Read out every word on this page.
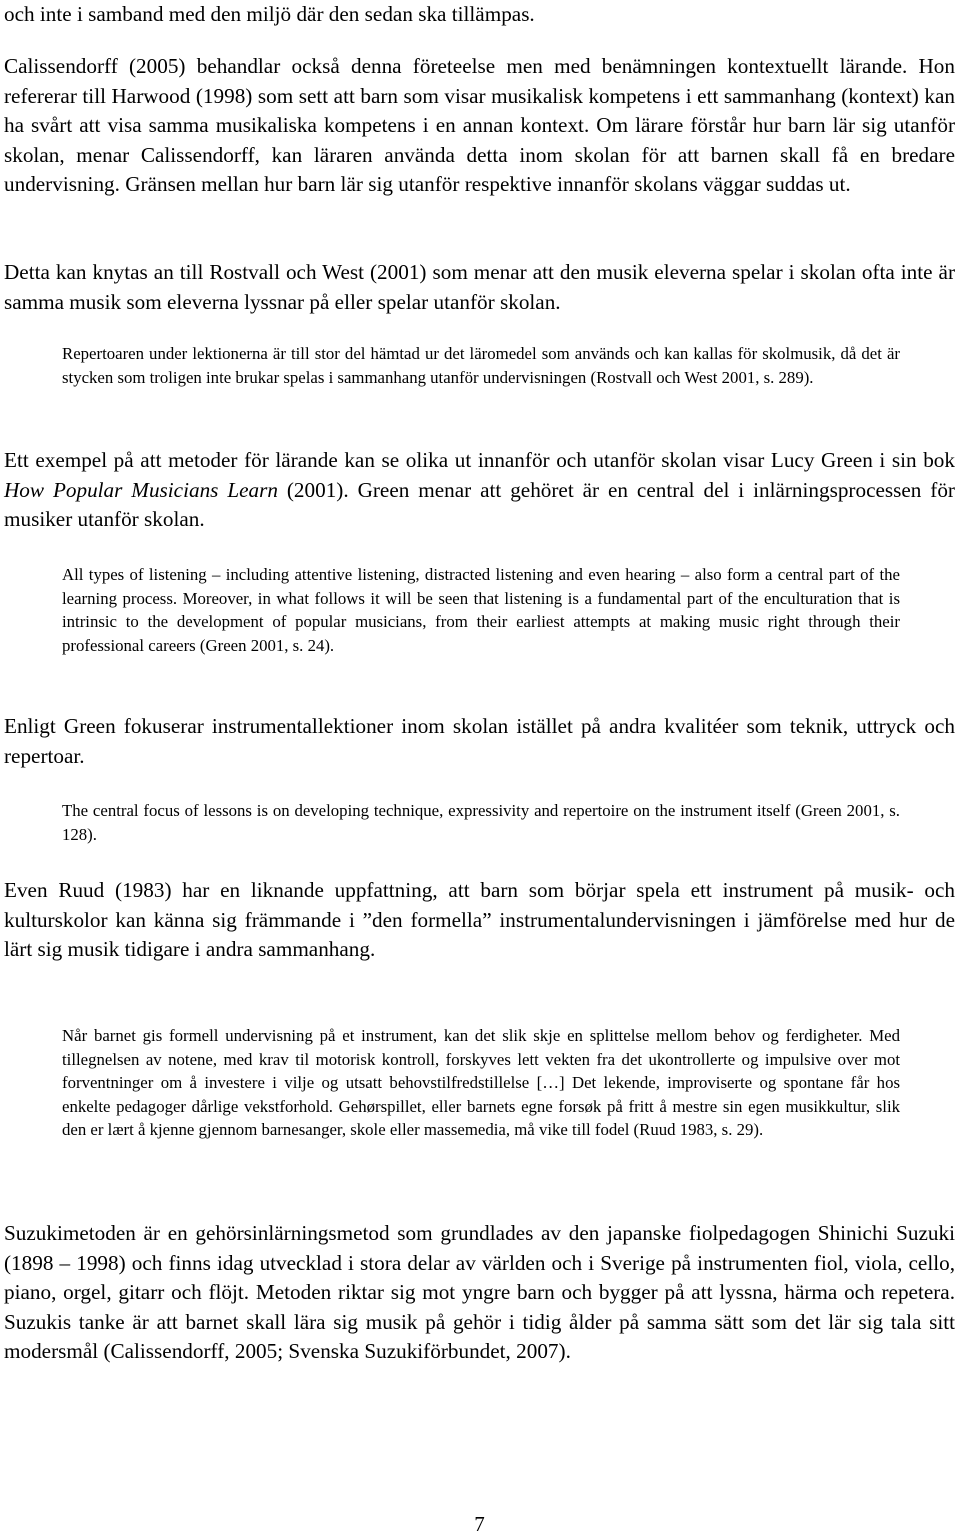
och inte i samband med den miljö där den sedan ska tillämpas.

Calissendorff (2005) behandlar också denna företeelse men med benämningen kontextuellt lärande. Hon refererar till Harwood (1998) som sett att barn som visar musikalisk kompetens i ett sammanhang (kontext) kan ha svårt att visa samma musikaliska kompetens i en annan kontext. Om lärare förstår hur barn lär sig utanför skolan, menar Calissendorff, kan läraren använda detta inom skolan för att barnen skall få en bredare undervisning. Gränsen mellan hur barn lär sig utanför respektive innanför skolans väggar suddas ut.

Detta kan knytas an till Rostvall och West (2001) som menar att den musik eleverna spelar i skolan ofta inte är samma musik som eleverna lyssnar på eller spelar utanför skolan.

Repertoaren under lektionerna är till stor del hämtad ur det läromedel som används och kan kallas för skolmusik, då det är stycken som troligen inte brukar spelas i sammanhang utanför undervisningen (Rostvall och West 2001, s. 289).

Ett exempel på att metoder för lärande kan se olika ut innanför och utanför skolan visar Lucy Green i sin bok How Popular Musicians Learn (2001). Green menar att gehöret är en central del i inlärningsprocessen för musiker utanför skolan.

All types of listening – including attentive listening, distracted listening and even hearing – also form a central part of the learning process. Moreover, in what follows it will be seen that listening is a fundamental part of the enculturation that is intrinsic to the development of popular musicians, from their earliest attempts at making music right through their professional careers (Green 2001, s. 24).

Enligt Green fokuserar instrumentallektioner inom skolan istället på andra kvalitéer som teknik, uttryck och repertoar.

The central focus of lessons is on developing technique, expressivity and repertoire on the instrument itself (Green 2001, s. 128).

Even Ruud (1983) har en liknande uppfattning, att barn som börjar spela ett instrument på musik- och kulturskolor kan känna sig främmande i ”den formella” instrumentalundervisningen i jämförelse med hur de lärt sig musik tidigare i andra sammanhang.

Når barnet gis formell undervisning på et instrument, kan det slik skje en splittelse mellom behov og ferdigheter. Med tillegnelsen av notene, med krav til motorisk kontroll, forskyves lett vekten fra det ukontrollerte og impulsive over mot forventninger om å investere i vilje og utsatt behovstilfredstillelse […] Det lekende, improviserte og spontane får hos enkelte pedagoger dårlige vekstforhold. Gehørspillet, eller barnets egne forsøk på fritt å mestre sin egen musikkultur, slik den er lært å kjenne gjennom barnesanger, skole eller massemedia, må vike till fodel (Ruud 1983, s. 29).

Suzukimetoden är en gehörsinlärningsmetod som grundlades av den japanske fiolpedagogen Shinichi Suzuki (1898 – 1998) och finns idag utvecklad i stora delar av världen och i Sverige på instrumenten fiol, viola, cello, piano, orgel, gitarr och flöjt. Metoden riktar sig mot yngre barn och bygger på att lyssna, härma och repetera. Suzukis tanke är att barnet skall lära sig musik på gehör i tidig ålder på samma sätt som det lär sig tala sitt modersmål (Calissendorff, 2005; Svenska Suzukiförbundet, 2007).

7
